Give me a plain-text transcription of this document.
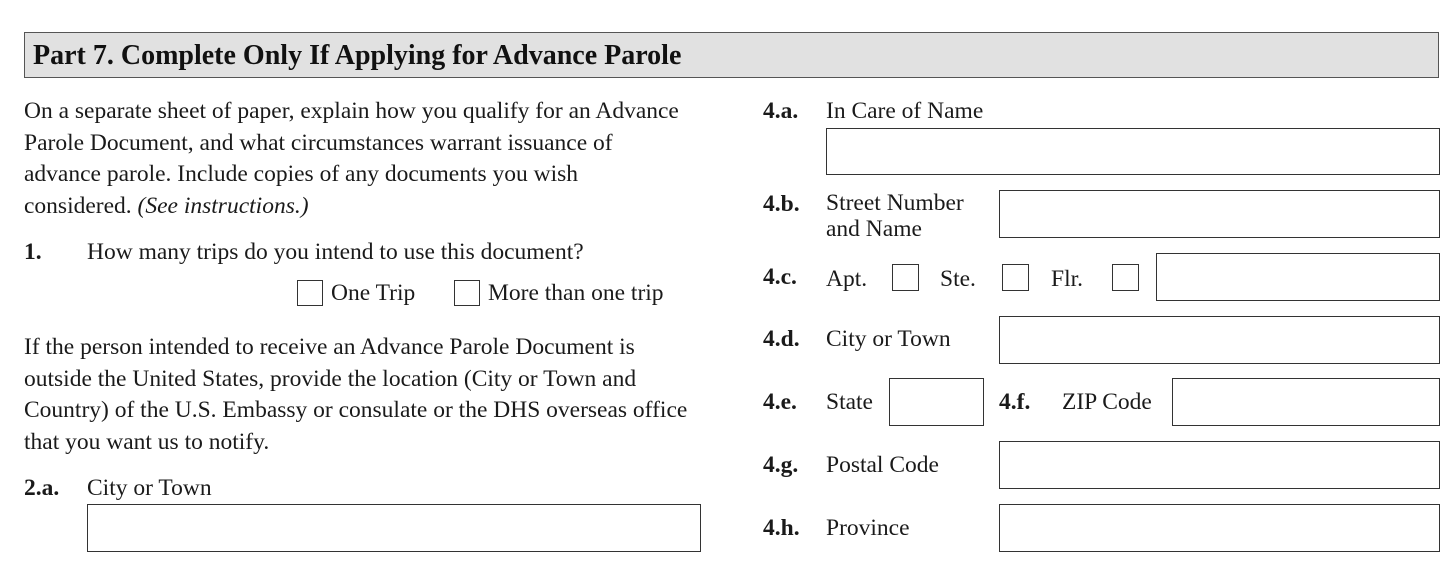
Part 7. Complete Only If Applying for Advance Parole
On a separate sheet of paper, explain how you qualify for an Advance Parole Document, and what circumstances warrant issuance of advance parole. Include copies of any documents you wish considered. (See instructions.)
1. How many trips do you intend to use this document?
One Trip	More than one trip
If the person intended to receive an Advance Parole Document is outside the United States, provide the location (City or Town and Country) of the U.S. Embassy or consulate or the DHS overseas office that you want us to notify.
2.a. City or Town
4.a. In Care of Name
4.b. Street Number
and Name
4.c. Apt.	Ste.	Flr.
4.d. City or Town
4.e. State	4.f. ZIP Code
4.g. Postal Code
4.h. Province
